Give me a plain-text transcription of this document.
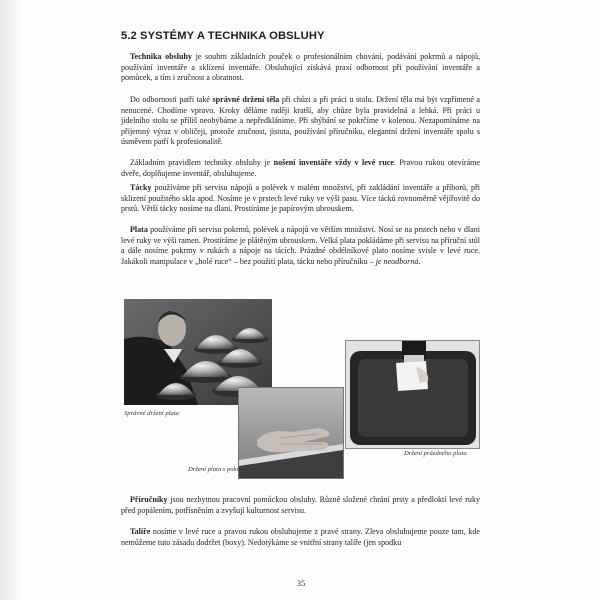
5.2 SYSTÉMY A TECHNIKA OBSLUHY

Technika obsluhy je souhrn základních pouček o profesionálním chování, podávání pokrmů a nápojů, používání inventáře a sklízení inventáře. Obsluhující získává praxí odbornost při používání inventáře a pomůcek, a tím i zručnost a obratnost.

Do odbornosti patří také správné držení těla při chůzi a při práci u stolu. Držení těla má být vzpřímené a nenucené. Chodíme vpravo. Kroky děláme raději kratší, aby chůze byla pravidelná a lehká. Při práci u jídelního stolu se příliš neohýbáme a nepředkláníme. Při shýbání se pokrčíme v kolenou. Nezapomínáme na příjemný výraz v obličeji, protože zručnost, jistota, používání příručníku, elegantní držení inventáře spolu s úsměvem patří k profesionalitě.

Základním pravidlem techniky obsluhy je nošení inventáře vždy v levé ruce. Pravou rukou otevíráme dveře, doplňujeme inventář, obsluhujeme.

Tácky používáme při servisu nápojů a polévek v malém množství, při zakládání inventáře a příborů, při sklizení použitého skla apod. Nosíme je v prstech levé ruky ve výši pasu. Více tácků rovnoměrně vějířovitě do prstů. Větší tácky nosíme na dlani. Prostíráme je papírovým ubrouskem.

Plata používáme při servisu pokrmů, polévek a nápojů ve větším množství. Nosí se na prstech nebo v dlani levé ruky ve výši ramen. Prostíráme je plátěným ubrouskem. Velká plata pokládáme při servisu na příruční stůl a dále nosíme pokrmy v rukách a nápoje na tácích. Prázdné obdélníkové plato nosíme svisle v levé ruce. Jakákoli manipulace v „holé ruce“ – bez použití plata, tácku nebo příručníku – je neodborná.

Správné držení plata

Držení plata s pokrmy

Držení prázdného plata

Příručníky jsou nezbytnou pracovní pomůckou obsluhy. Různě složené chrání prsty a předloktí levé ruky před popálením, potřísněním a zvyšují kulturnost servisu.

Talíře nosíme v levé ruce a pravou rukou obsluhujeme z pravé strany. Zleva obsluhujeme pouze tam, kde nemůžeme tuto zásadu dodržet (boxy). Nedotýkáme se vnitřní strany talíře (jen spodku

35
